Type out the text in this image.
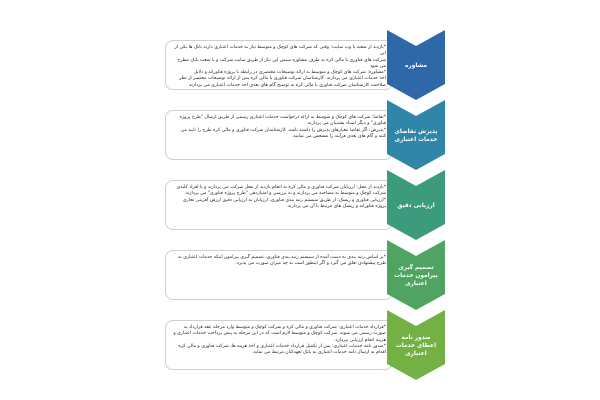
*یازدید از شعبه یا وب سایت: وقتی که شرکت های کوچک و متوسط نیاز به خدمات اعتباری دارند بانک ها یکی از این
شرکت های فناوری یا مالی کره به طرف مشاوره سپس این نیاز از طریق سایت شرکت و یا شعب بانک مطرح می شود
*مشاوره: شرکت های کوچک و متوسط به ارائه توضیحات مختصری در رابطه با پروژه فناورانه و دلایل
اخذ خدمات اعتباری می پردازند. کارشناسان شرکت فناوری یا مالی کره پس از ارائه توضیحات مختصر از نظر
صلاحیت کارشناسان شرکت فناوری یا مالی کره به توضیح گام های بعدی اخذ خدمات اعتباری می پردازند
مشاوره
*تقاضا: شرکت های کوچک و متوسط به ارائه درخواست خدمات اعتباری رسمی از طریق ارسال "طرح پروژه
فناوری" و دیگر اسناد پشتیبان می پردازند.
*پذیرش: اگر تقاضا معیارهای پذیرش را داشته باشد، کارشناسان شرکت فناوری و مالی کره طرح را تایید می
کنند و گام های بعدی فرآیند را مشخص می نمایند.
پذیرش تقاضای خدمات اعتباری
*بازدید از محل: ارزیابان شرکت فناوری و مالی کره به انجام بازدید از محل شرکت می پردازند و با افراد کلیدی
شرکت کوچک و متوسط به مصاحبه می پردازند و به بررسی و امتیازدهی "طرح پروژه فناوری" می پردازند.
*ارزیابی فناوری و ریسک: از طریق سیستم رتبه بندی فناوری، ارزیابان به ارزیابی دقیق ارزش آفرینی تجاری
پروژه فناورانه و ریسک های مرتبط با آن می پردازند.	ارزیابی دقیق
*بر اساس رتبه بندی به دست آمده از سیستم رتبه بندی فناوری، تصمیم گیری پیرامون اینکه خدمات اعتباری به
طرح پیشنهادی تعلق می گیرد و اگر اینطور است به چه میزان صورت می پذیرد.
تصمیم گیری پیرامون خدمات اعتباری
*قرارداد خدمات اعتباری: شرکت فناوری و مالی کره و شرکت کوچک و متوسط وارد مرحله عقد قرارداد به
صورت رسمی می شوند. شرکت کوچک و متوسط لازم است که در این مرحله به پیش پرداخت خدمات اعتباری و
هزینه انجام ارزیابی بپردازد.
*صدور نامه خدمات اعتباری: پس از تکمیل قرارداد خدمات اعتباری و اخذ هزینه ها، شرکت فناوری و مالی کره
اقدام به ارسال نامه خدمات اعتباری به بانک تعهدکنان مرتبط می نماید.
صدور نامه اعطای خدمات اعتباری
